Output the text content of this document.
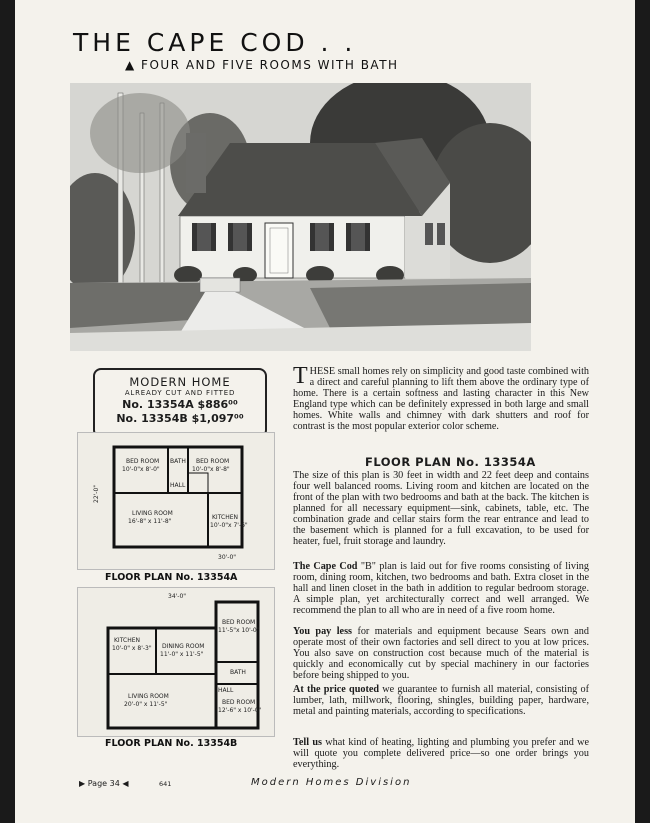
THE CAPE COD . .
▲ FOUR AND FIVE ROOMS WITH BATH
MODERN HOME
ALREADY CUT AND FITTED
No. 13354A $886⁰⁰
No. 13354B $1,097⁰⁰
BED ROOM
10'-0"x 8'-0"
BED ROOM
10'-0"x 8'-8"
HALL
BATH
LIVING ROOM
16'-8" x 11'-8"
KITCHEN
10'-0"x 7'-6"
30'-0"
22'-0"
FLOOR PLAN No. 13354A
34'-0"
BED ROOM
11'-5"x 10'-0"
KITCHEN
10'-0" x 8'-3" DINING ROOM
11'-0" x 11'-5"
BATH
HALL
LIVING ROOM
20'-0" x 11'-5"	BED ROOM
12'-6" x 10'-0"
FLOOR PLAN No. 13354B
THESE small homes rely on simplicity and good taste combined with a direct and careful planning to lift them above the ordinary type of home. There is a certain softness and lasting character in this New England type which can be definitely expressed in both large and small homes. White walls and chimney with dark shutters and roof for contrast is the most popular exterior color scheme.
FLOOR PLAN No. 13354A
The size of this plan is 30 feet in width and 22 feet deep and contains four well balanced rooms. Living room and kitchen are located on the front of the plan with two bedrooms and bath at the back. The kitchen is planned for all necessary equipment—sink, cabinets, table, etc. The combination grade and cellar stairs form the rear entrance and lead to the basement which is planned for a full excavation, to be used for heater, fuel, fruit storage and laundry.
The Cape Cod "B" plan is laid out for five rooms consisting of living room, dining room, kitchen, two bedrooms and bath. Extra closet in the hall and linen closet in the bath in addition to regular bedroom storage. A simple plan, yet architecturally correct and well arranged. We recommend the plan to all who are in need of a five room home.
You pay less for materials and equipment because Sears own and operate most of their own factories and sell direct to you at low prices. You also save on construction cost because much of the material is quickly and economically cut by special machinery in our factories before being shipped to you.
At the price quoted we guarantee to furnish all material, consisting of lumber, lath, millwork, flooring, shingles, building paper, hardware, metal and painting materials, according to specifications.
Tell us what kind of heating, lighting and plumbing you prefer and we will quote you complete delivered price—so one order brings you everything.
▶ Page 34 ◀	641	Modern Homes Division
